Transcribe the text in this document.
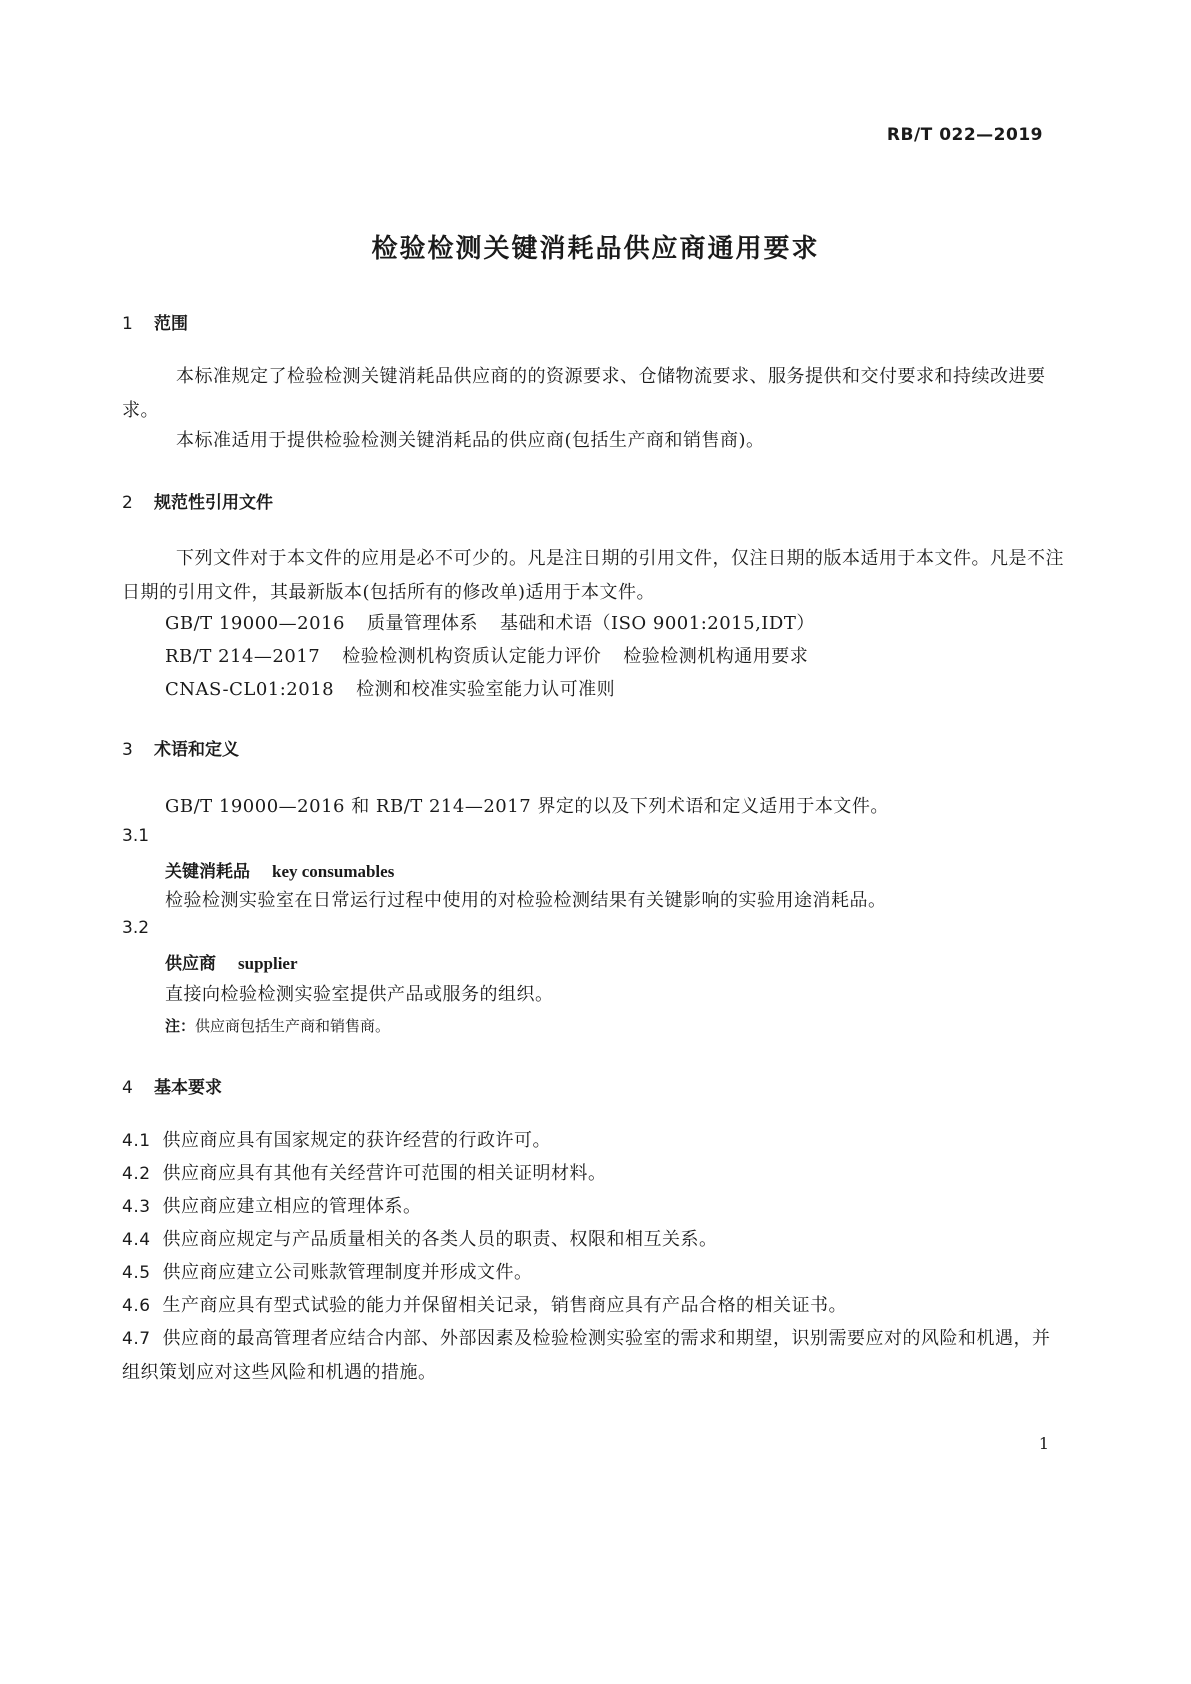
RB/T 022—2019
检验检测关键消耗品供应商通用要求
1 范围
本标准规定了检验检测关键消耗品供应商的的资源要求、仓储物流要求、服务提供和交付要求和持续改进要求。
本标准适用于提供检验检测关键消耗品的供应商(包括生产商和销售商)。
2 规范性引用文件
下列文件对于本文件的应用是必不可少的。凡是注日期的引用文件，仅注日期的版本适用于本文件。凡是不注日期的引用文件，其最新版本(包括所有的修改单)适用于本文件。
GB/T 19000—2016 质量管理体系 基础和术语（ISO 9001:2015,IDT）
RB/T 214—2017 检验检测机构资质认定能力评价 检验检测机构通用要求
CNAS-CL01:2018 检测和校准实验室能力认可准则
3 术语和定义
GB/T 19000—2016 和 RB/T 214—2017 界定的以及下列术语和定义适用于本文件。
3.1
关键消耗品 key consumables
检验检测实验室在日常运行过程中使用的对检验检测结果有关键影响的实验用途消耗品。
3.2
供应商 supplier
直接向检验检测实验室提供产品或服务的组织。
注：供应商包括生产商和销售商。
4 基本要求
4.1 供应商应具有国家规定的获许经营的行政许可。
4.2 供应商应具有其他有关经营许可范围的相关证明材料。
4.3 供应商应建立相应的管理体系。
4.4 供应商应规定与产品质量相关的各类人员的职责、权限和相互关系。
4.5 供应商应建立公司账款管理制度并形成文件。
4.6 生产商应具有型式试验的能力并保留相关记录，销售商应具有产品合格的相关证书。
4.7 供应商的最高管理者应结合内部、外部因素及检验检测实验室的需求和期望，识别需要应对的风险和机遇，并组织策划应对这些风险和机遇的措施。
1
